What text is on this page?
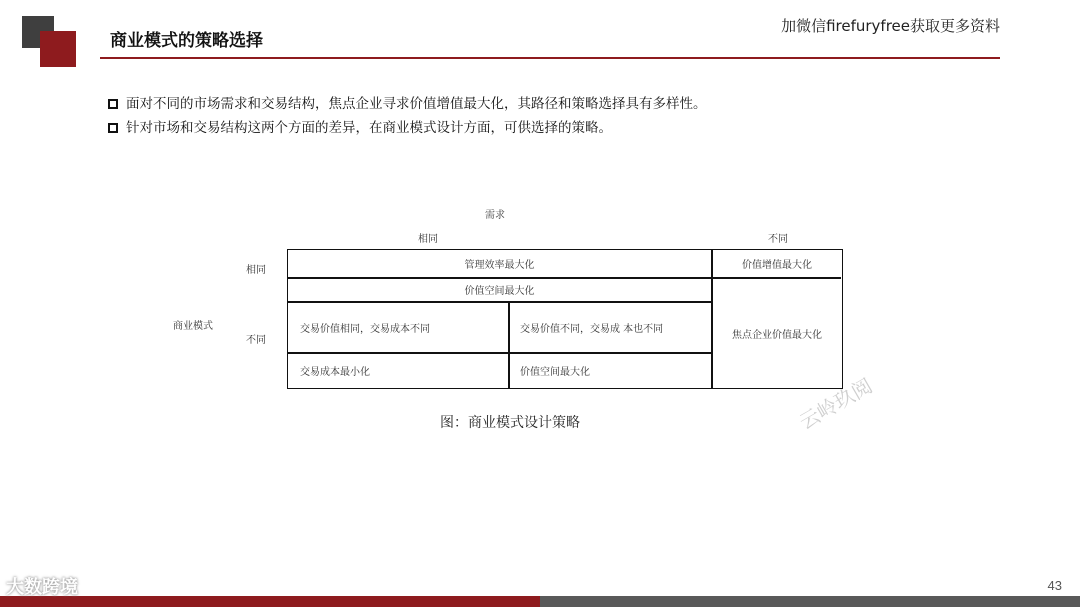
商业模式的策略选择
加微信firefuryfree获取更多资料
面对不同的市场需求和交易结构，焦点企业寻求价值增值最大化，其路径和策略选择具有多样性。
针对市场和交易结构这两个方面的差异，在商业模式设计方面，可供选择的策略。
需求
相同	不同
商业模式
相同
不同
管理效率最大化	价值增值最大化
价值空间最大化
交易价值相同，交易成本不同	交易价值不同，交易成 本也不同
交易成本最小化	价值空间最大化
焦点企业价值最大化
图：商业模式设计策略	云岭玖阅
大数跨境	43
